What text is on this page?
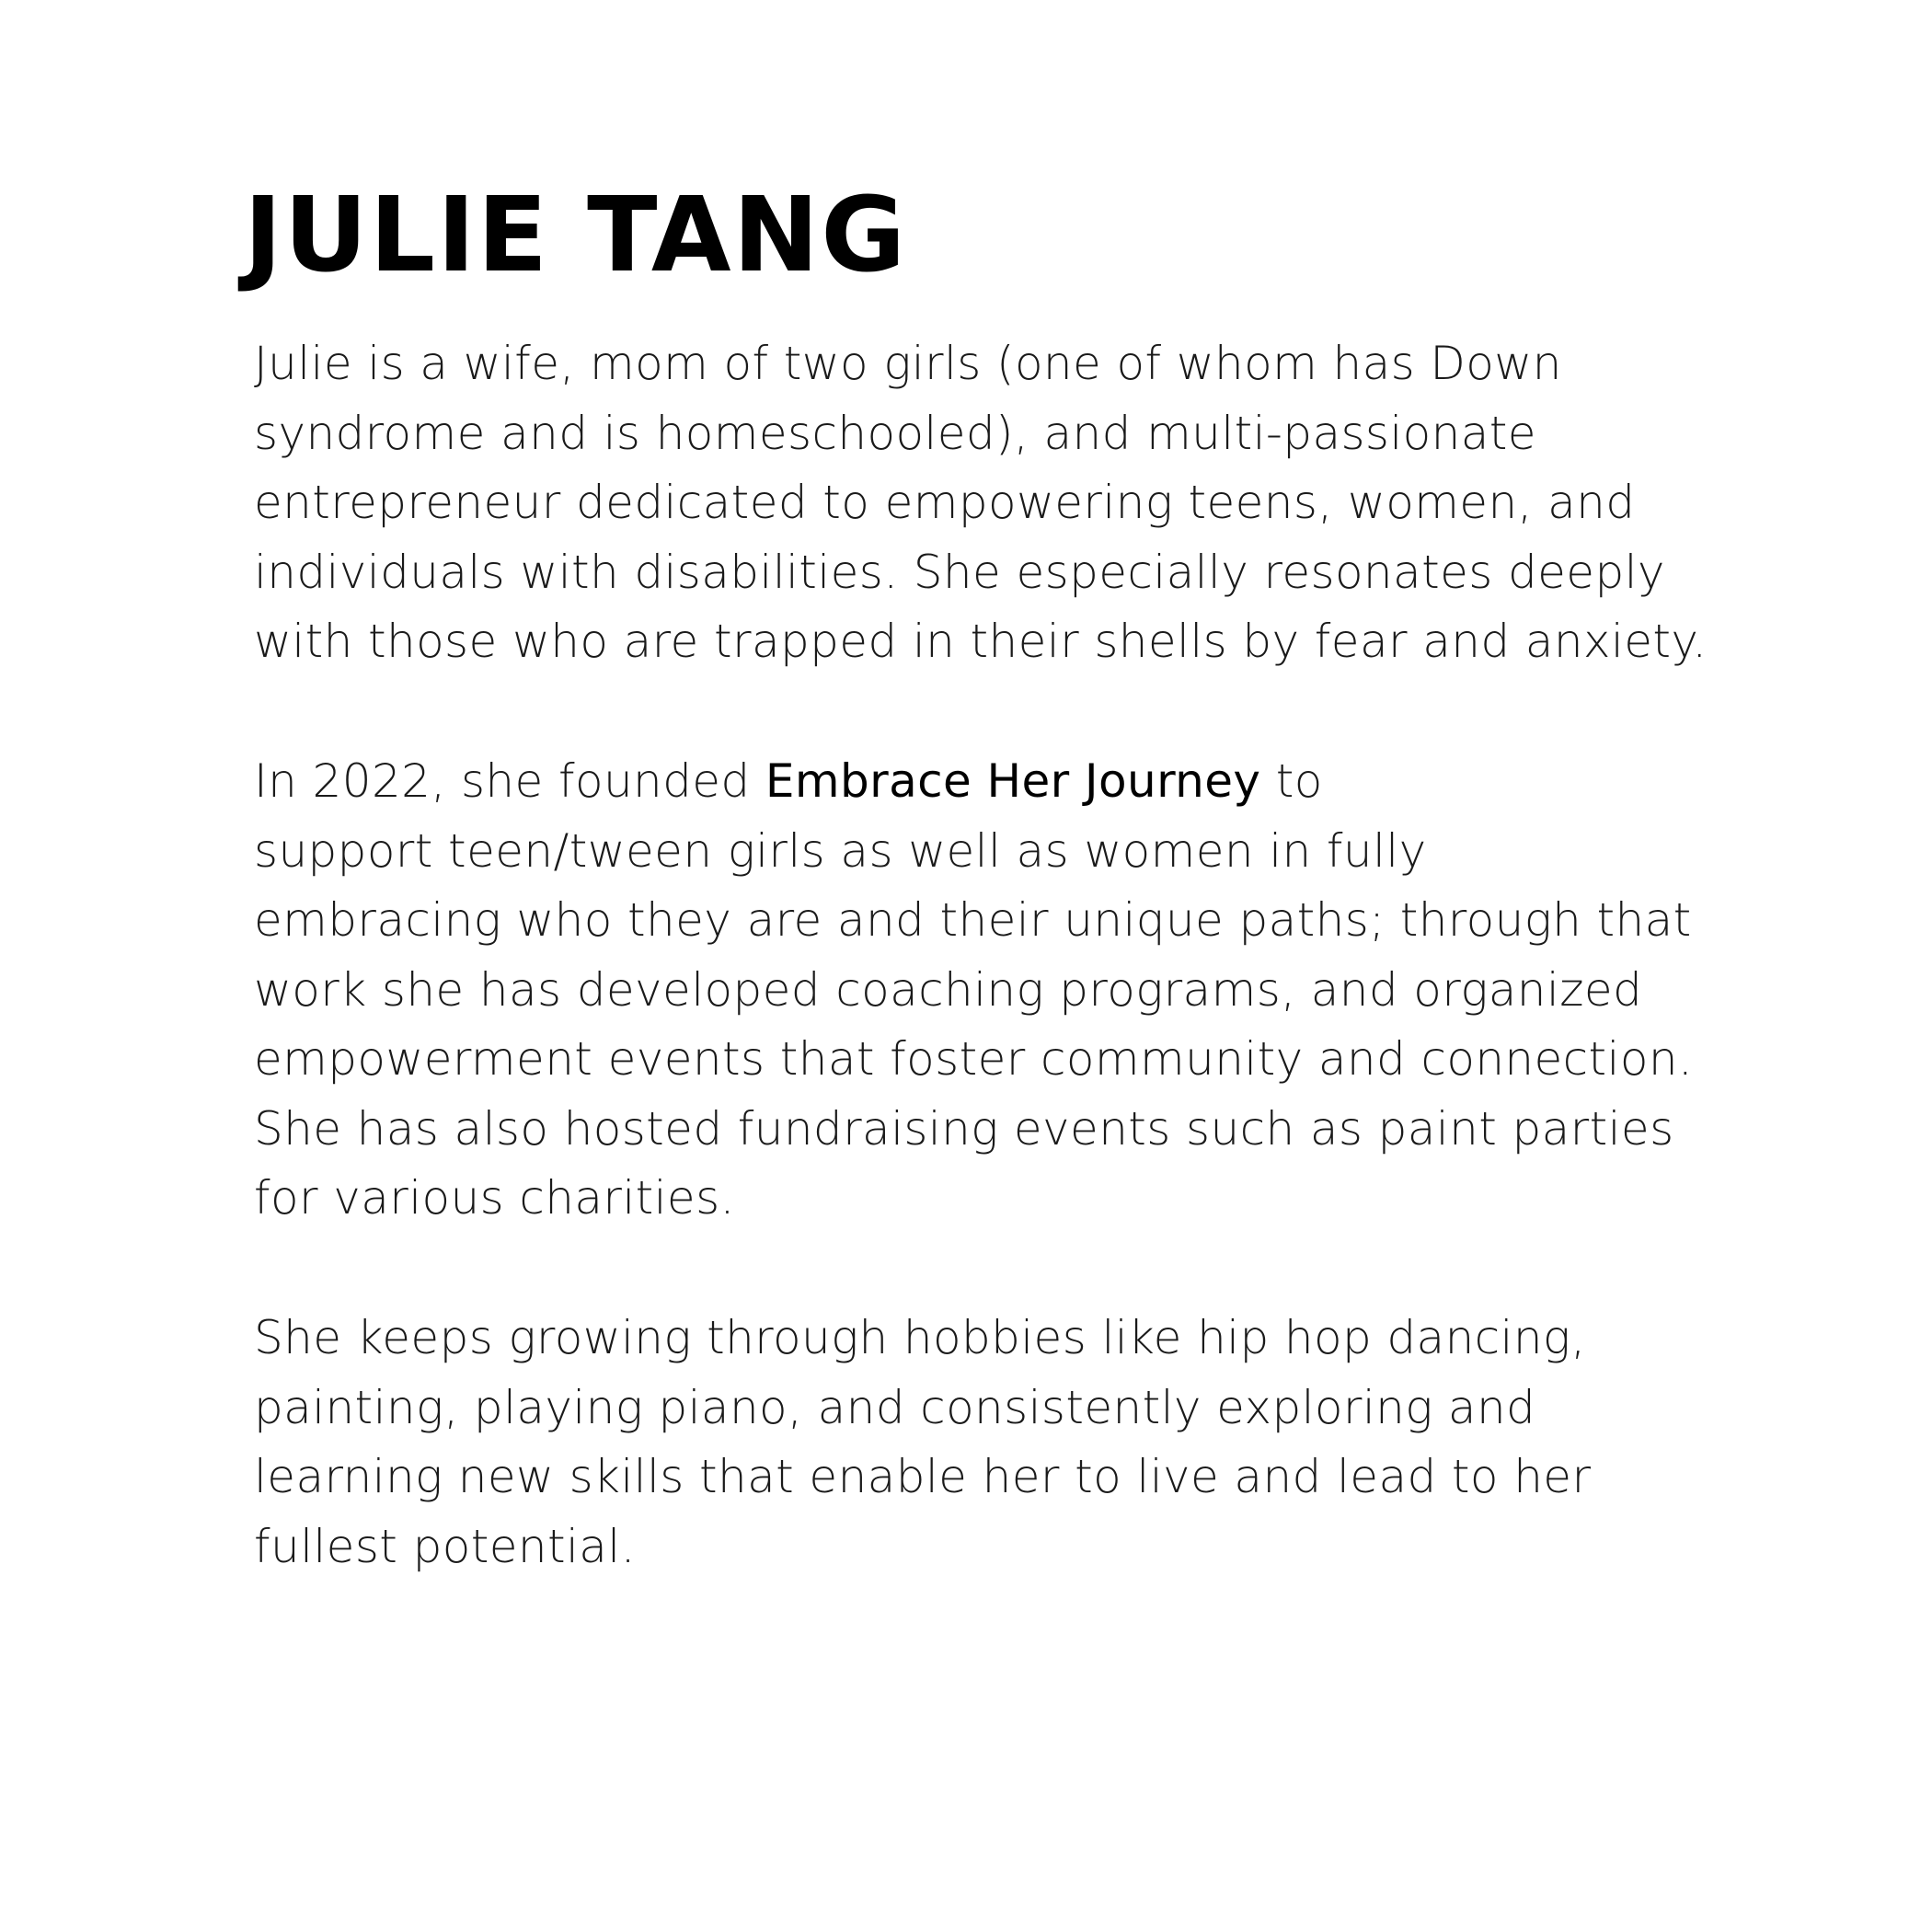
JULIE TANG

Julie is a wife, mom of two girls (one of whom has Down
syndrome and is homeschooled), and multi-passionate
entrepreneur dedicated to empowering teens, women, and
individuals with disabilities. She especially resonates deeply
with those who are trapped in their shells by fear and anxiety.

In 2022, she founded Embrace Her Journey to
support teen/tween girls as well as women in fully
embracing who they are and their unique paths; through that
work she has developed coaching programs, and organized
empowerment events that foster community and connection.
She has also hosted fundraising events such as paint parties
for various charities.

She keeps growing through hobbies like hip hop dancing,
painting, playing piano, and consistently exploring and
learning new skills that enable her to live and lead to her
fullest potential.
